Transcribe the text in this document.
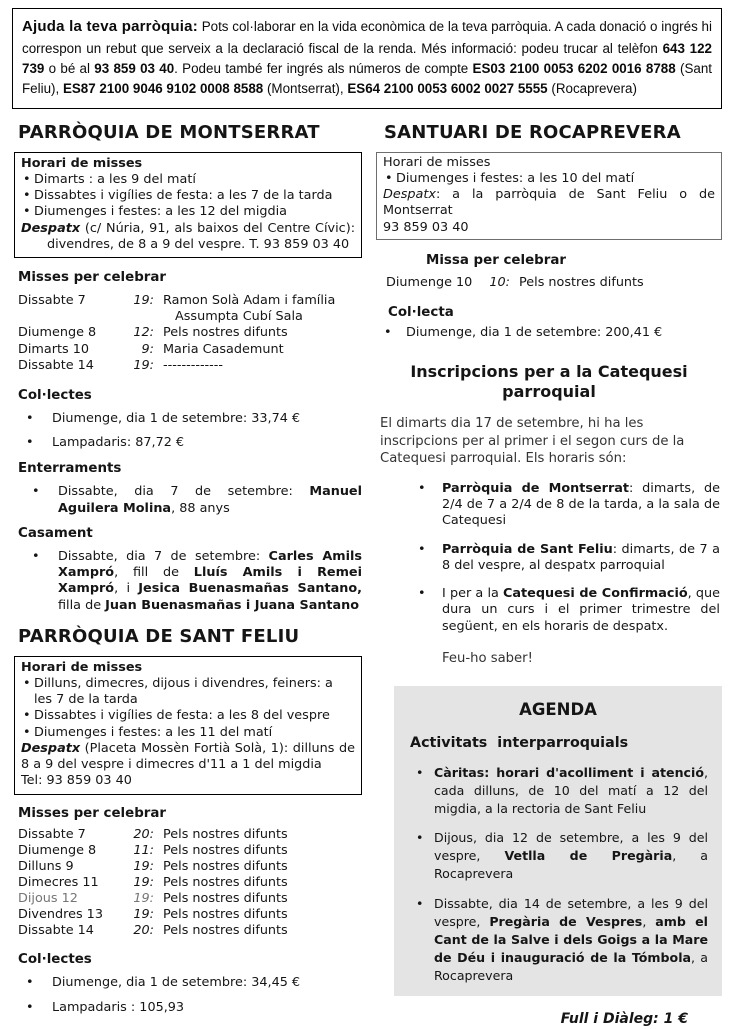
Ajuda la teva parròquia: Pots col·laborar en la vida econòmica de la teva parròquia. A cada donació o ingrés hi correspon un rebut que serveix a la declaració fiscal de la renda. Més informació: podeu trucar al telèfon 643 122 739 o bé al 93 859 03 40. Podeu també fer ingrés als números de compte ES03 2100 0053 6202 0016 8788 (Sant Feliu), ES87 2100 9046 9102 0008 8588 (Montserrat), ES64 2100 0053 6002 0027 5555 (Rocaprevera)
PARRÒQUIA DE MONTSERRAT
Horari de misses
• Dimarts : a les 9 del matí
• Dissabtes i vigílies de festa: a les 7 de la tarda
• Diumenges i festes: a les 12 del migdia
Despatx (c/ Núria, 91, als baixos del Centre Cívic): divendres, de 8 a 9 del vespre. T. 93 859 03 40
Misses per celebrar
Dissabte 7	19: Ramon Solà Adam i família
Assumpta Cubí Sala
Diumenge 8	12: Pels nostres difunts
Dimarts 10	9: Maria Casademunt
Dissabte 14	19: -------------
Col·lectes
• Diumenge, dia 1 de setembre: 33,74 €
• Lampadaris: 87,72 €
Enterraments
• Dissabte, dia 7 de setembre: Manuel Aguilera Molina, 88 anys
Casament
• Dissabte, dia 7 de setembre: Carles Amils Xampró, fill de Lluís Amils i Remei Xampró, i Jesica Buenasmañas Santano, filla de Juan Buenasmañas i Juana Santano
PARRÒQUIA DE SANT FELIU
Horari de misses
• Dilluns, dimecres, dijous i divendres, feiners: a les 7 de la tarda
• Dissabtes i vigílies de festa: a les 8 del vespre
• Diumenges i festes: a les 11 del matí
Despatx (Placeta Mossèn Fortià Solà, 1): dilluns de 8 a 9 del vespre i dimecres d'11 a 1 del migdia
Tel: 93 859 03 40
Misses per celebrar
Dissabte 7	20: Pels nostres difunts
Diumenge 8	11: Pels nostres difunts
Dilluns 9	19: Pels nostres difunts
Dimecres 11	19: Pels nostres difunts
Dijous 12	19: Pels nostres difunts
Divendres 13	19: Pels nostres difunts
Dissabte 14	20: Pels nostres difunts
Col·lectes
• Diumenge, dia 1 de setembre: 34,45 €
• Lampadaris : 105,93
SANTUARI DE ROCAPREVERA
Horari de misses
• Diumenges i festes: a les 10 del matí
Despatx: a la parròquia de Sant Feliu o de Montserrat
93 859 03 40
Missa per celebrar
Diumenge 10	10: Pels nostres difunts
Col·lecta
• Diumenge, dia 1 de setembre: 200,41 €
Inscripcions per a la Catequesi
parroquial
El dimarts dia 17 de setembre, hi ha les inscripcions per al primer i el segon curs de la Catequesi parroquial. Els horaris són:
• Parròquia de Montserrat: dimarts, de 2/4 de 7 a 2/4 de 8 de la tarda, a la sala de Catequesi
• Parròquia de Sant Feliu: dimarts, de 7 a 8 del vespre, al despatx parroquial
• I per a la Catequesi de Confirmació, que dura un curs i el primer trimestre del següent, en els horaris de despatx.
Feu-ho saber!
AGENDA
Activitats interparroquials
• Càritas: horari d'acolliment i atenció, cada dilluns, de 10 del matí a 12 del migdia, a la rectoria de Sant Feliu
• Dijous, dia 12 de setembre, a les 9 del vespre, Vetlla de Pregària, a Rocaprevera
• Dissabte, dia 14 de setembre, a les 9 del vespre, Pregària de Vespres, amb el Cant de la Salve i dels Goigs a la Mare de Déu i inauguració de la Tómbola, a Rocaprevera
Full i Diàleg: 1 €
